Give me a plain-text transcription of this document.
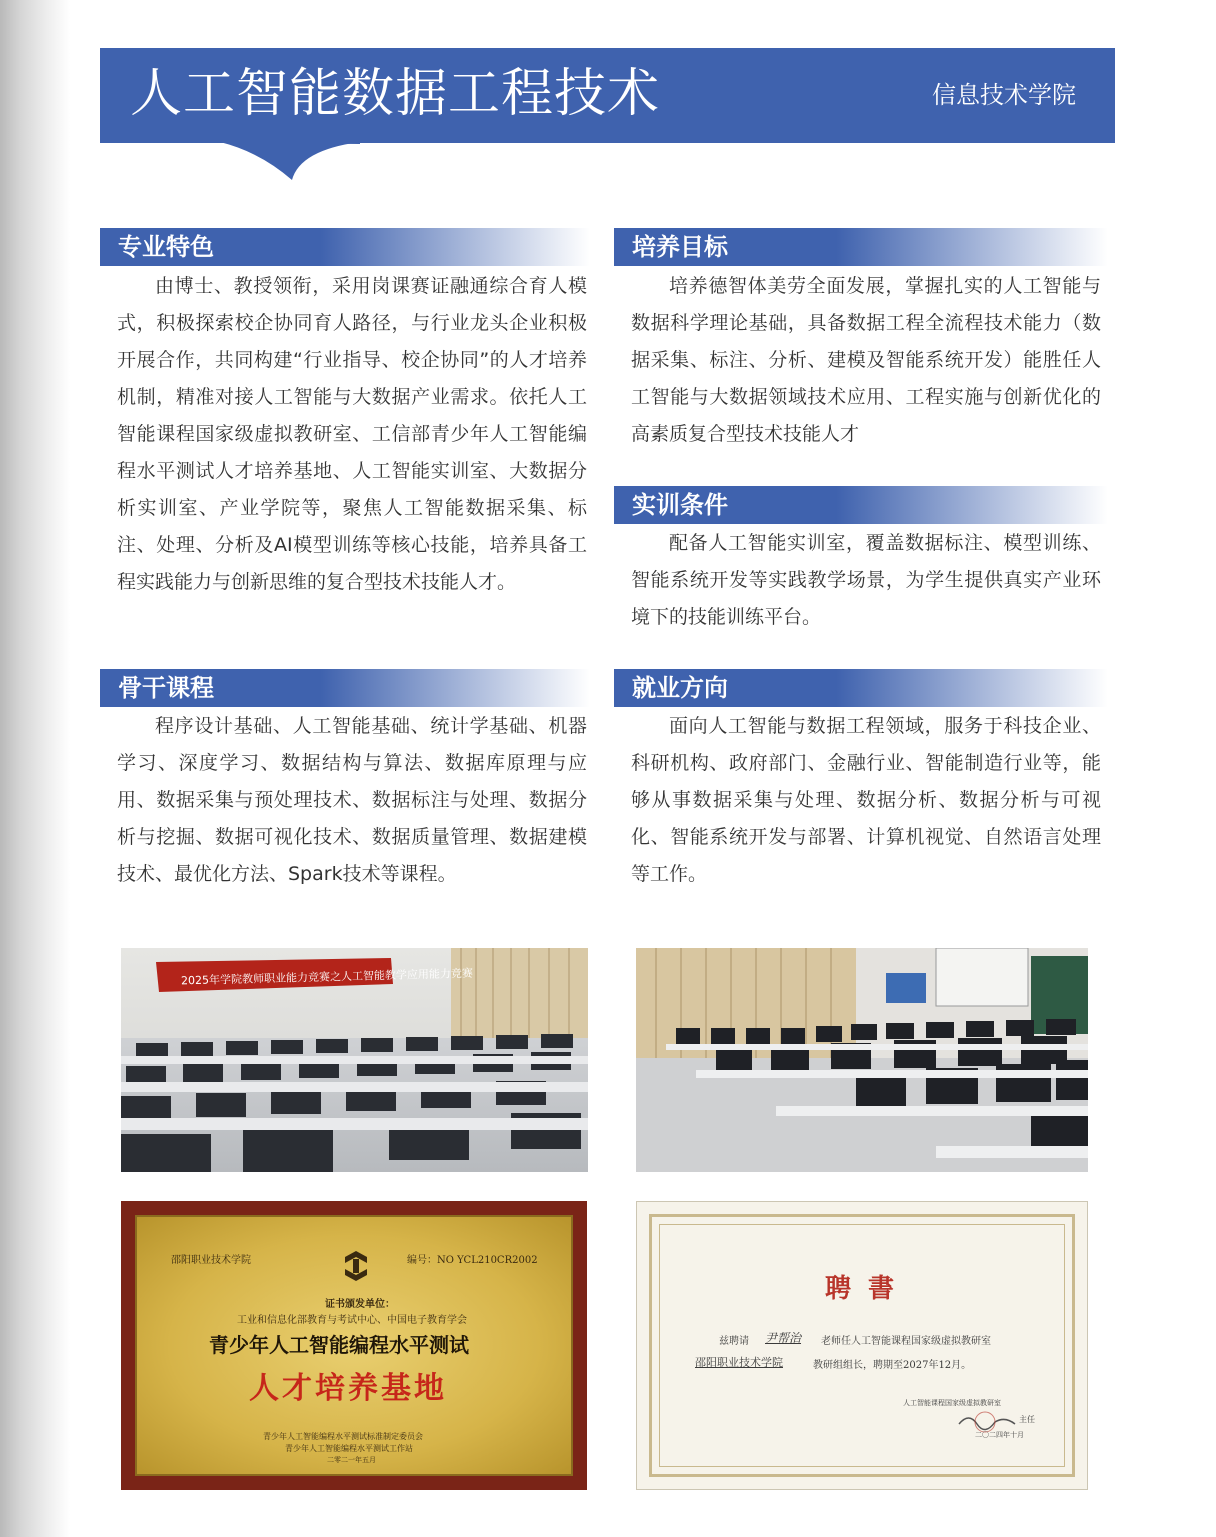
人工智能数据工程技术	信息技术学院
专业特色
由博士、教授领衔，采用岗课赛证融通综合育人模式，积极探索校企协同育人路径，与行业龙头企业积极开展合作，共同构建“行业指导、校企协同”的人才培养机制，精准对接人工智能与大数据产业需求。依托人工智能课程国家级虚拟教研室、工信部青少年人工智能编程水平测试人才培养基地、人工智能实训室、大数据分析实训室、产业学院等，聚焦人工智能数据采集、标注、处理、分析及AI模型训练等核心技能，培养具备工程实践能力与创新思维的复合型技术技能人才。
培养目标
培养德智体美劳全面发展，掌握扎实的人工智能与数据科学理论基础，具备数据工程全流程技术能力（数据采集、标注、分析、建模及智能系统开发）能胜任人工智能与大数据领域技术应用、工程实施与创新优化的高素质复合型技术技能人才
实训条件
配备人工智能实训室，覆盖数据标注、模型训练、智能系统开发等实践教学场景，为学生提供真实产业环境下的技能训练平台。
骨干课程
程序设计基础、人工智能基础、统计学基础、机器学习、深度学习、数据结构与算法、数据库原理与应用、数据采集与预处理技术、数据标注与处理、数据分析与挖掘、数据可视化技术、数据质量管理、数据建模技术、最优化方法、Spark技术等课程。
就业方向
面向人工智能与数据工程领域，服务于科技企业、科研机构、政府部门、金融行业、智能制造行业等，能够从事数据采集与处理、数据分析、数据分析与可视化、智能系统开发与部署、计算机视觉、自然语言处理等工作。
2025年学院教师职业能力竞赛之人工智能教学应用能力竞赛
邵阳职业技术学院	编号：NO YCL210CR2002
证书颁发单位：
工业和信息化部教育与考试中心、中国电子教育学会
青少年人工智能编程水平测试
人才培养基地
青少年人工智能编程水平测试标准制定委员会
青少年人工智能编程水平测试工作站
二零二一年五月
聘 書
兹聘请 尹帮治 老师任人工智能课程国家级虚拟教研室
邵阳职业技术学院	教研组组长，聘期至2027年12月。
人工智能课程国家级虚拟教研室
主任
二〇二四年十月
